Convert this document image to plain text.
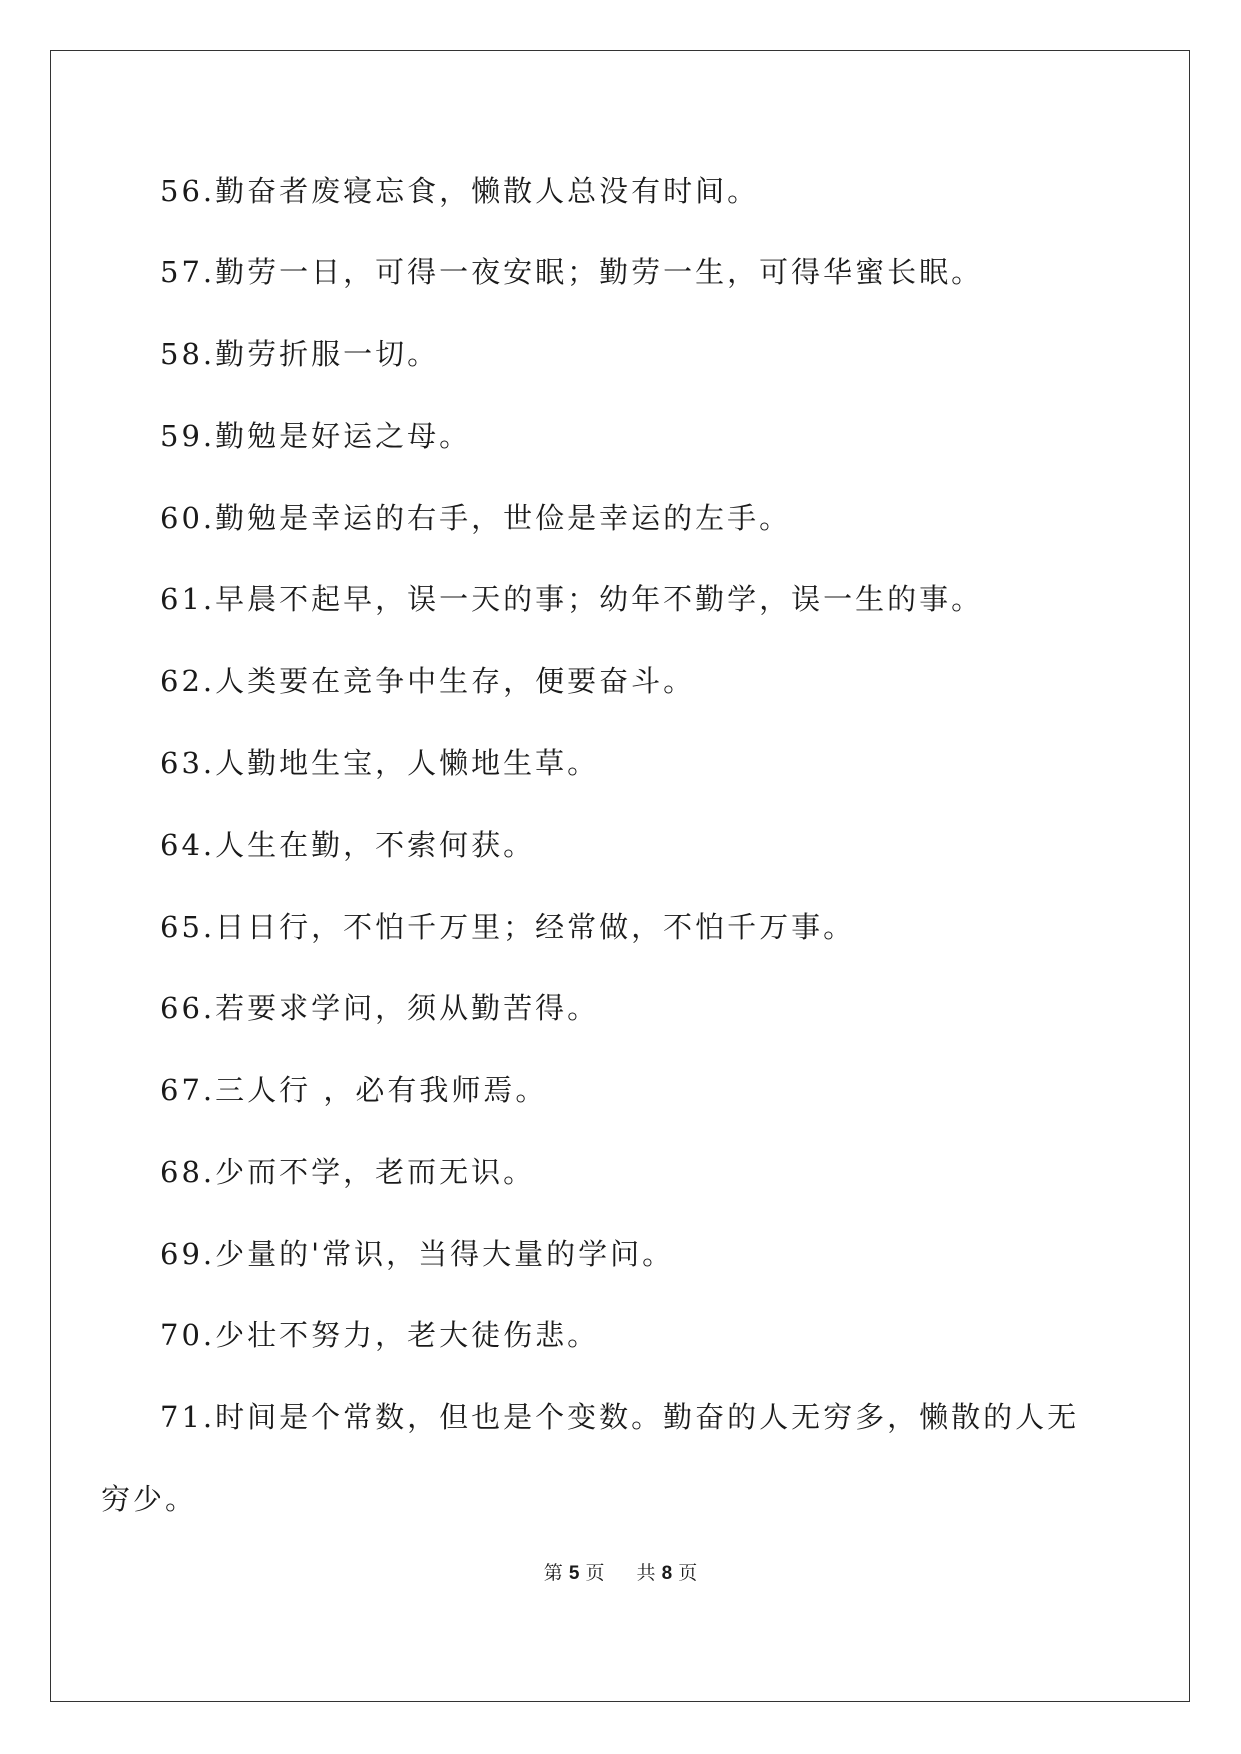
56.勤奋者废寝忘食，懒散人总没有时间。
57.勤劳一日，可得一夜安眠；勤劳一生，可得华蜜长眠。
58.勤劳折服一切。
59.勤勉是好运之母。
60.勤勉是幸运的右手，世俭是幸运的左手。
61.早晨不起早，误一天的事；幼年不勤学，误一生的事。
62.人类要在竞争中生存，便要奋斗。
63.人勤地生宝，人懒地生草。
64.人生在勤，不索何获。
65.日日行，不怕千万里；经常做，不怕千万事。
66.若要求学问，须从勤苦得。
67.三人行 ，必有我师焉。
68.少而不学，老而无识。
69.少量的'常识，当得大量的学问。
70.少壮不努力，老大徒伤悲。
71.时间是个常数，但也是个变数。勤奋的人无穷多，懒散的人无
穷少。
第 5 页 共 8 页
